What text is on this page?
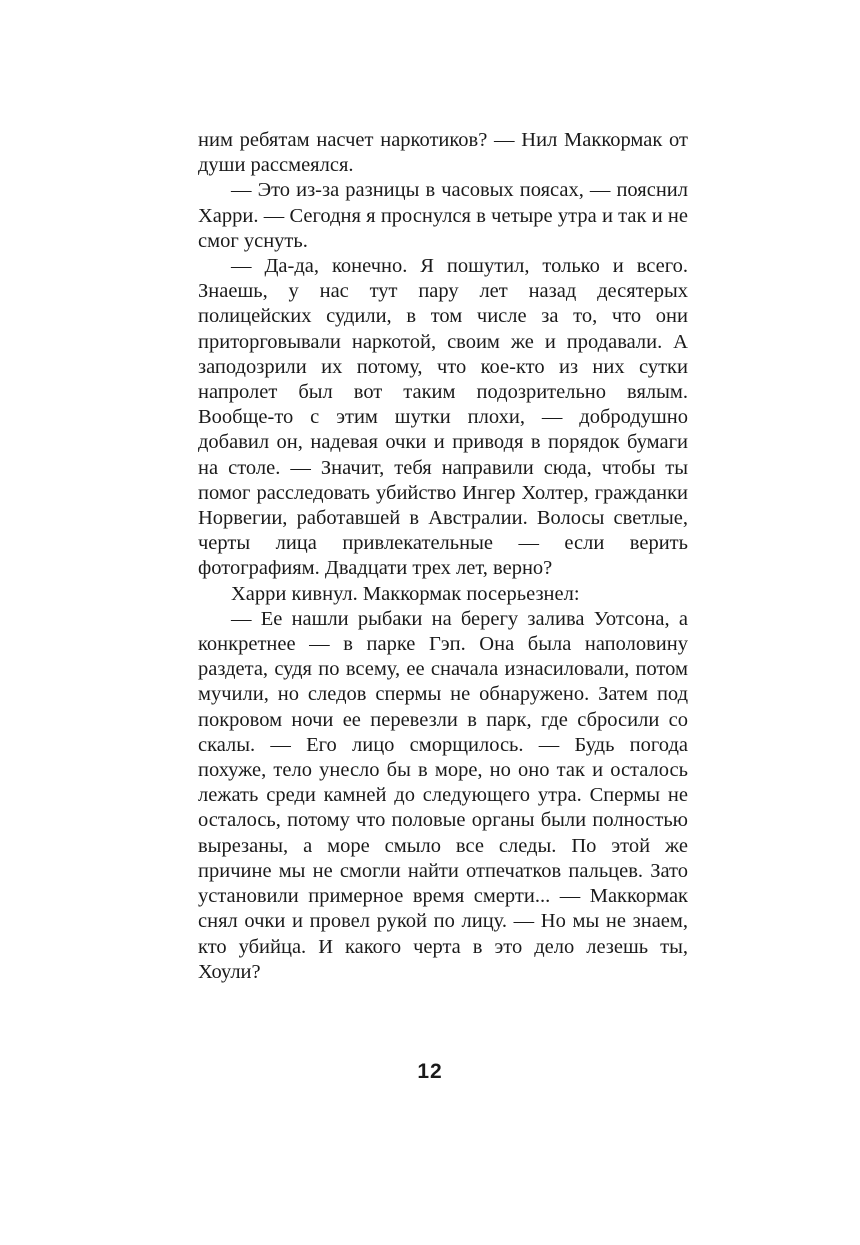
ним ребятам насчет наркотиков? — Нил Маккормак от души рассмеялся.

— Это из-за разницы в часовых поясах, — пояснил Харри. — Сегодня я проснулся в четыре утра и так и не смог уснуть.

— Да-да, конечно. Я пошутил, только и всего. Знаешь, у нас тут пару лет назад десятерых полицейских судили, в том числе за то, что они приторговывали наркотой, своим же и продавали. А заподозрили их потому, что кое-кто из них сутки напролет был вот таким подозрительно вялым. Вообще-то с этим шутки плохи, — добродушно добавил он, надевая очки и приводя в порядок бумаги на столе. — Значит, тебя направили сюда, чтобы ты помог расследовать убийство Ингер Холтер, гражданки Норвегии, работавшей в Австралии. Волосы светлые, черты лица привлекательные — если верить фотографиям. Двадцати трех лет, верно?

Харри кивнул. Маккормак посерьезнел:

— Ее нашли рыбаки на берегу залива Уотсона, а конкретнее — в парке Гэп. Она была наполовину раздета, судя по всему, ее сначала изнасиловали, потом мучили, но следов спермы не обнаружено. Затем под покровом ночи ее перевезли в парк, где сбросили со скалы. — Его лицо сморщилось. — Будь погода похуже, тело унесло бы в море, но оно так и осталось лежать среди камней до следующего утра. Спермы не осталось, потому что половые органы были полностью вырезаны, а море смыло все следы. По этой же причине мы не смогли найти отпечатков пальцев. Зато установили примерное время смерти... — Маккормак снял очки и провел рукой по лицу. — Но мы не знаем, кто убийца. И какого черта в это дело лезешь ты, Хоули?

12
